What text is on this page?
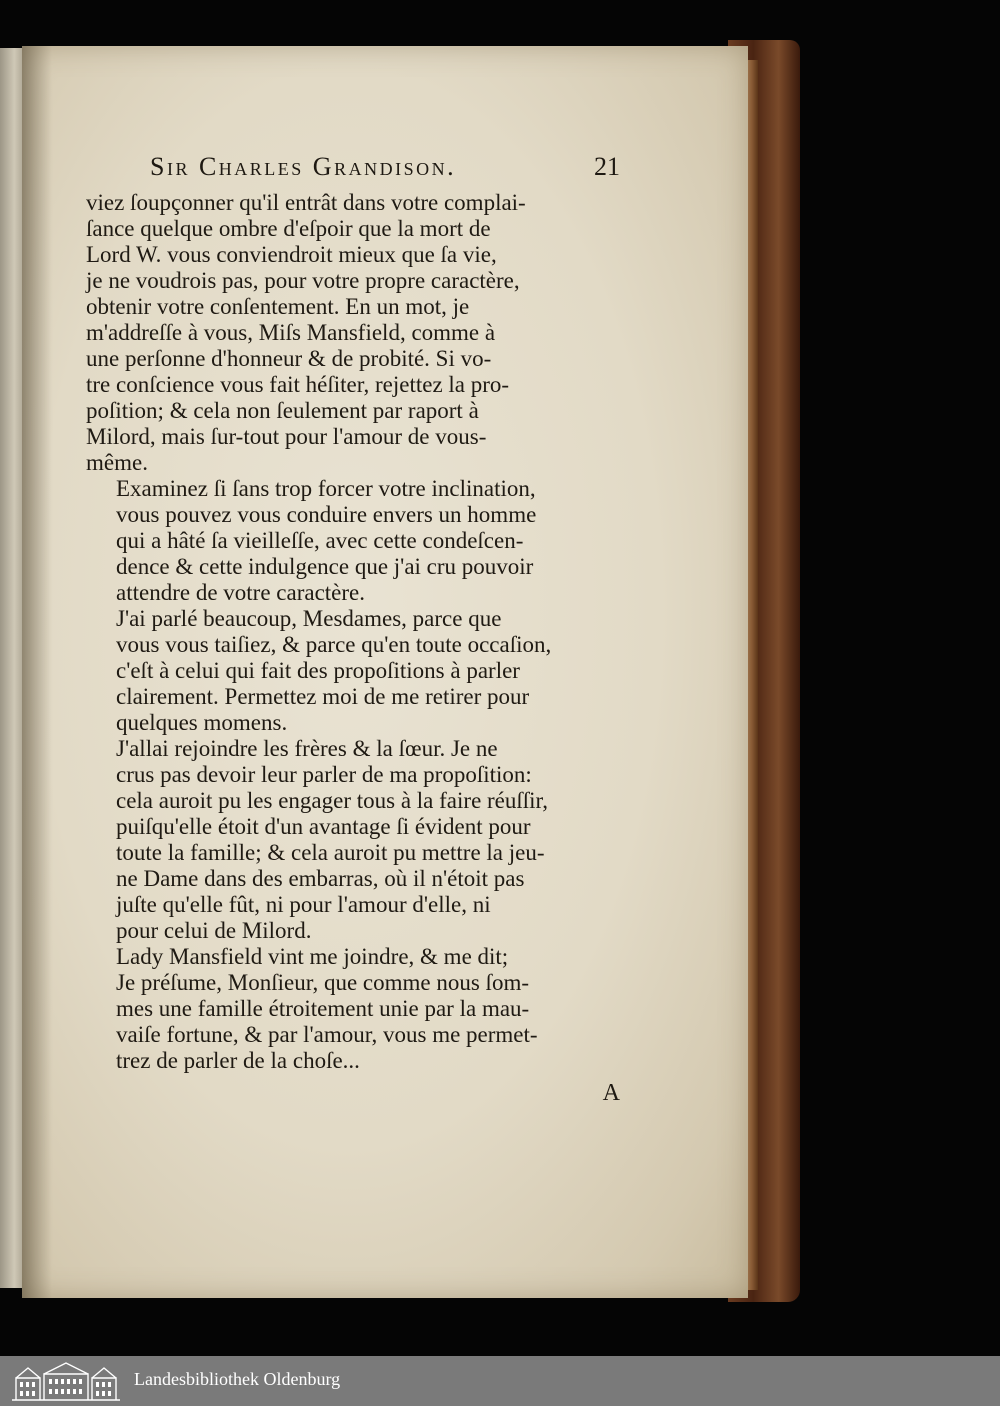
Sir Charles Grandison.	21

viez ſoupçonner qu'il entrât dans votre complai-
ſance quelque ombre d'eſpoir que la mort de
Lord W. vous conviendroit mieux que ſa vie,
je ne voudrois pas, pour votre propre caractère,
obtenir votre conſentement. En un mot, je
m'addreſſe à vous, Miſs Mansfield, comme à
une perſonne d'honneur & de probité. Si vo-
tre conſcience vous fait héſiter, rejettez la pro-
poſition; & cela non ſeulement par raport à
Milord, mais ſur-tout pour l'amour de vous-
même.

Examinez ſi ſans trop forcer votre inclination,
vous pouvez vous conduire envers un homme
qui a hâté ſa vieilleſſe, avec cette condeſcen-
dence & cette indulgence que j'ai cru pouvoir
attendre de votre caractère.

J'ai parlé beaucoup, Mesdames, parce que
vous vous taiſiez, & parce qu'en toute occaſion,
c'eſt à celui qui fait des propoſitions à parler
clairement. Permettez moi de me retirer pour
quelques momens.

J'allai rejoindre les frères & la ſœur. Je ne
crus pas devoir leur parler de ma propoſition:
cela auroit pu les engager tous à la faire réuſſir,
puiſqu'elle étoit d'un avantage ſi évident pour
toute la famille; & cela auroit pu mettre la jeu-
ne Dame dans des embarras, où il n'étoit pas
juſte qu'elle fût, ni pour l'amour d'elle, ni
pour celui de Milord.

Lady Mansfield vint me joindre, & me dit;
Je préſume, Monſieur, que comme nous ſom-
mes une famille étroitement unie par la mau-
vaiſe fortune, & par l'amour, vous me permet-
trez de parler de la choſe...

A
Landesbibliothek Oldenburg
